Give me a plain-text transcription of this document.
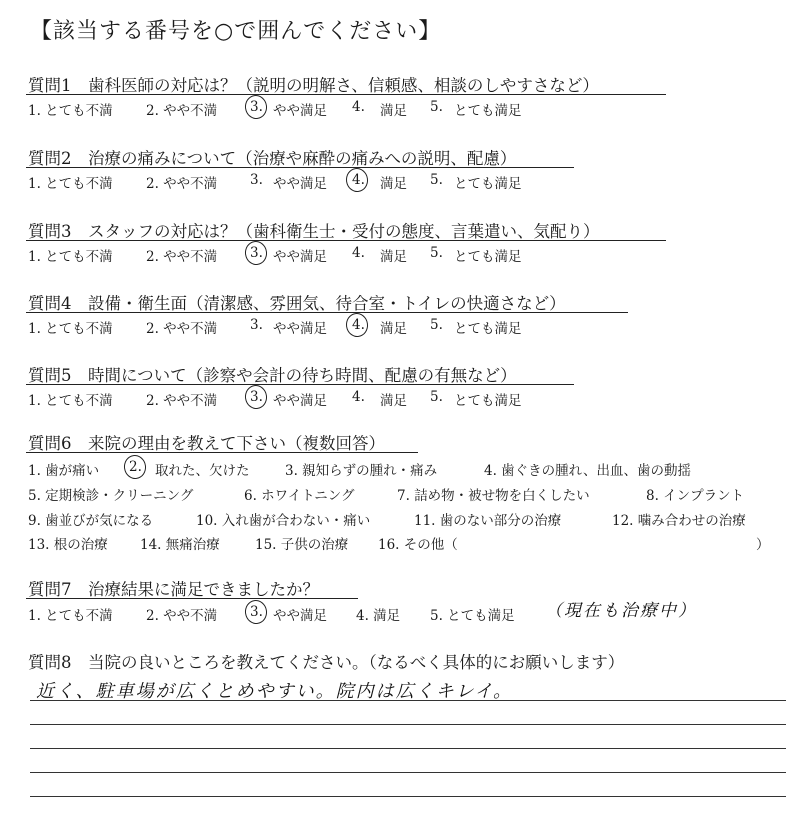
【該当する番号を○で囲んでください】
質問1　歯科医師の対応は？（説明の明解さ、信頼感、相談のしやすさなど）
1. とても不満 2. やや不満 3. やや満足 4. 満足 5. とても満足
質問2　治療の痛みについて（治療や麻酔の痛みへの説明、配慮）
1. とても不満 2. やや不満 3. やや満足 4. 満足 5. とても満足
質問3　スタッフの対応は？（歯科衛生士・受付の態度、言葉遣い、気配り）
1. とても不満 2. やや不満 3. やや満足 4. 満足 5. とても満足
質問4　設備・衛生面（清潔感、雰囲気、待合室・トイレの快適さなど）
1. とても不満 2. やや不満 3. やや満足 4. 満足 5. とても満足
質問5　時間について（診察や会計の待ち時間、配慮の有無など）
1. とても不満 2. やや不満 3. やや満足 4. 満足 5. とても満足
質問6　来院の理由を教えて下さい（複数回答）
1. 歯が痛い 2. 取れた、欠けた	3. 親知らずの腫れ・痛み	4. 歯ぐきの腫れ、出血、歯の動揺
5. 定期検診・クリーニング	6. ホワイトニング	7. 詰め物・被せ物を白くしたい	8. インプラント
9. 歯並びが気になる	10. 入れ歯が合わない・痛い	11. 歯のない部分の治療	12. 噛み合わせの治療
13. 根の治療 14. 無痛治療	15. 子供の治療 16. その他（	）
質問7　治療結果に満足できましたか？
1. とても不満 2. やや不満 3. やや満足 4. 満足 5. とても満足 （現在も治療中）
質問8　当院の良いところを教えてください。（なるべく具体的にお願いします）
近く、駐車場が広くとめやすい。院内は広くキレイ。
